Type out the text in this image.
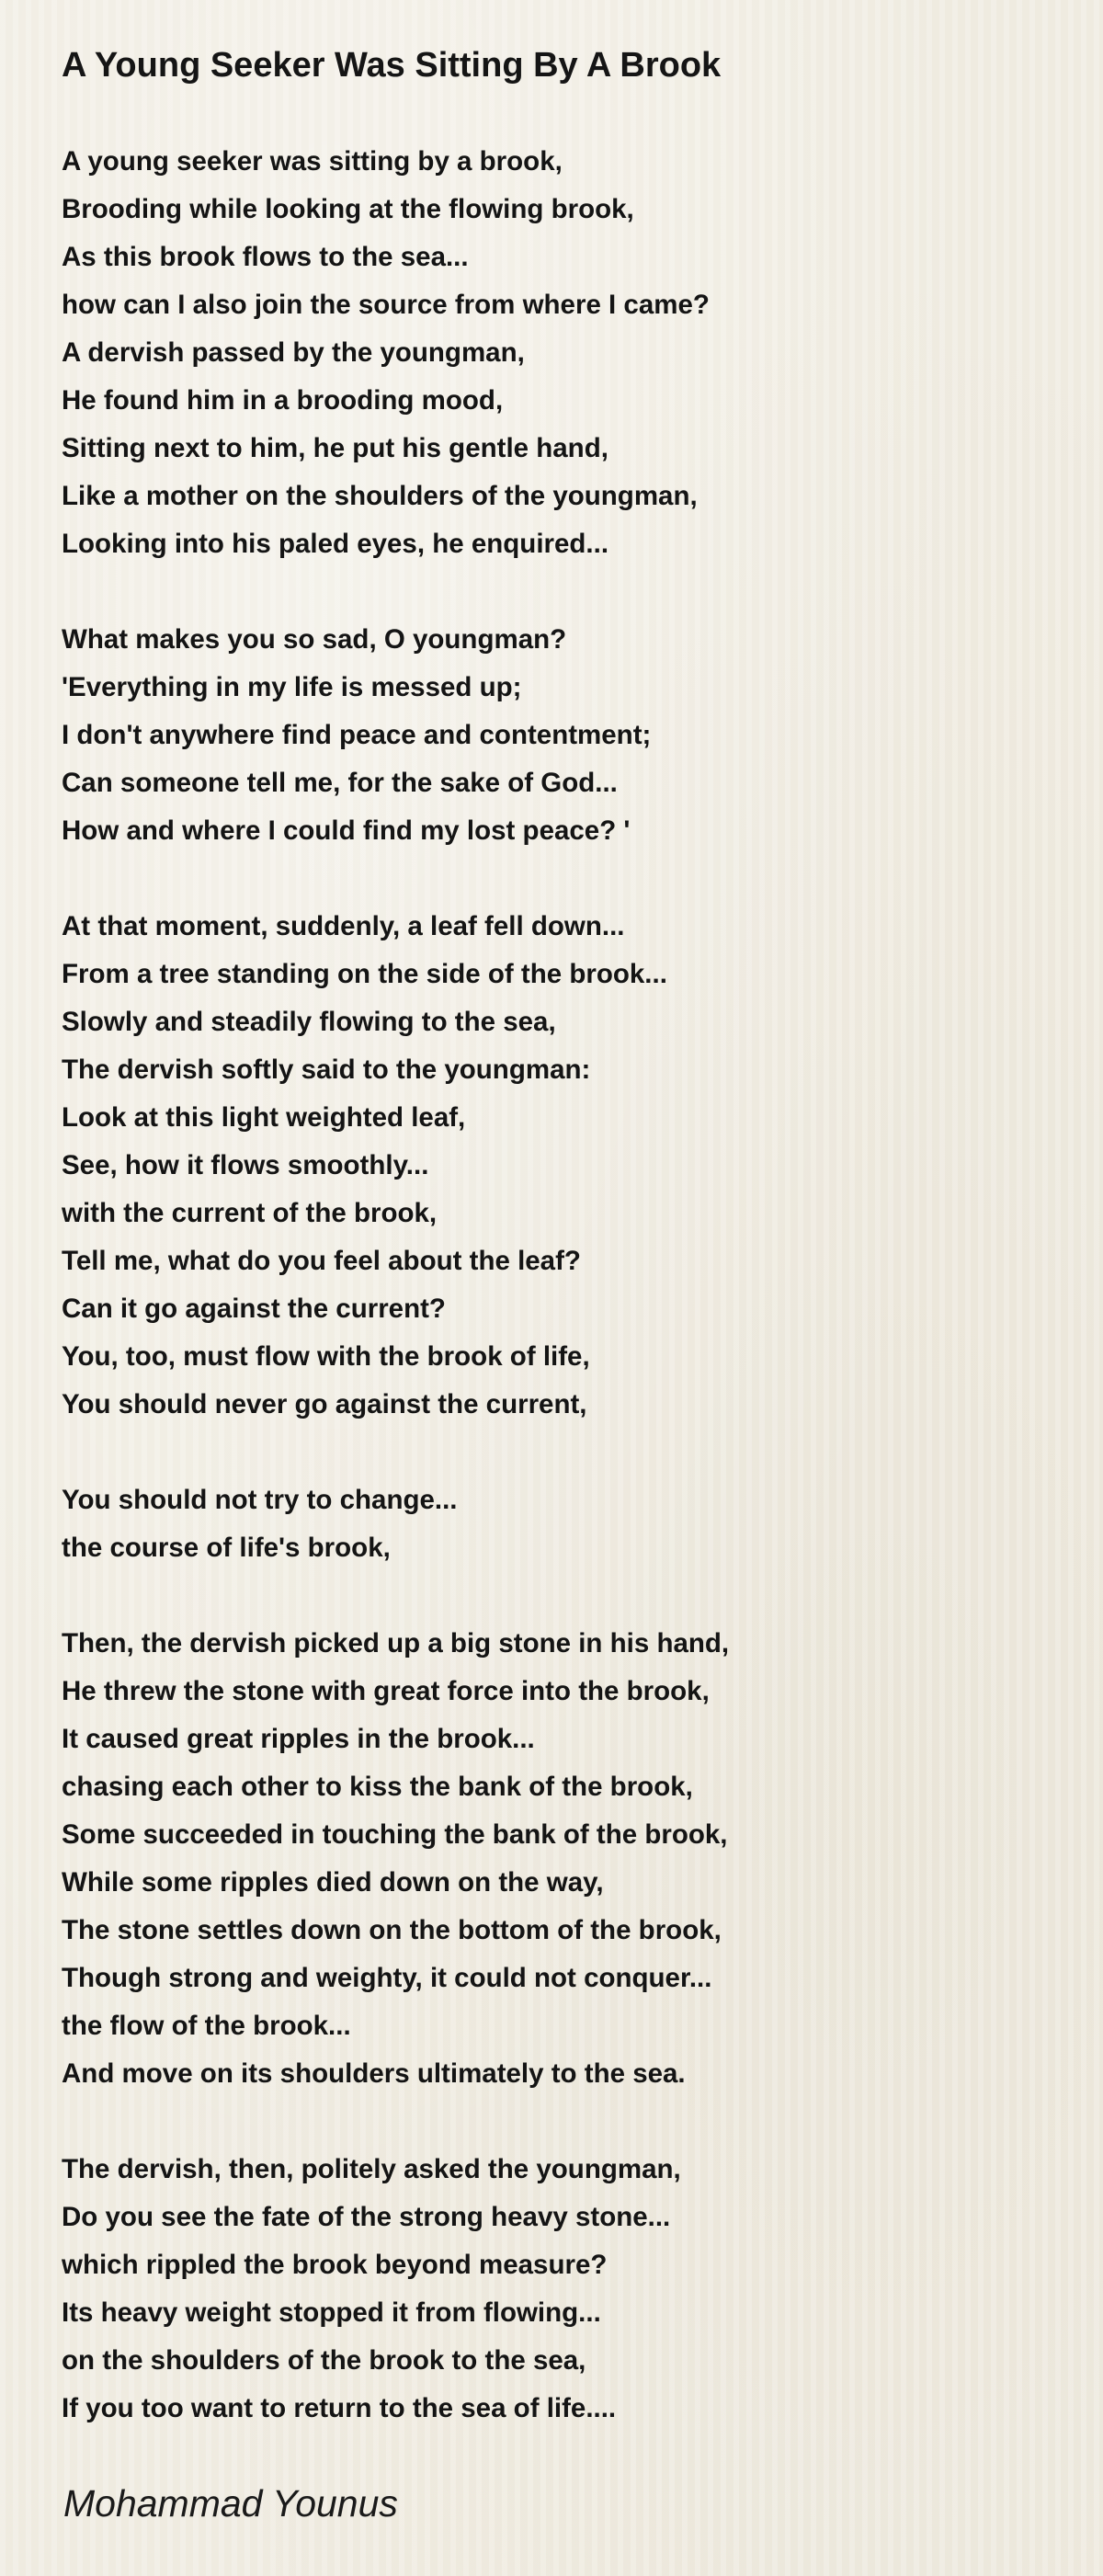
A Young Seeker Was Sitting By A Brook
A young seeker was sitting by a brook,
Brooding while looking at the flowing brook,
As this brook flows to the sea...
how can I also join the source from where I came?
A dervish passed by the youngman,
He found him in a brooding mood,
Sitting next to him, he put his gentle hand,
Like a mother on the shoulders of the youngman,
Looking into his paled eyes, he enquired...
What makes you so sad, O youngman?
'Everything in my life is messed up;
I don't anywhere find peace and contentment;
Can someone tell me, for the sake of God...
How and where I could find my lost peace? '
At that moment, suddenly, a leaf fell down...
From a tree standing on the side of the brook...
Slowly and steadily flowing to the sea,
The dervish softly said to the youngman:
Look at this light weighted leaf,
See, how it flows smoothly...
with the current of the brook,
Tell me, what do you feel about the leaf?
Can it go against the current?
You, too, must flow with the brook of life,
You should never go against the current,
You should not try to change...
the course of life's brook,
Then, the dervish picked up a big stone in his hand,
He threw the stone with great force into the brook,
It caused great ripples in the brook...
chasing each other to kiss the bank of the brook,
Some succeeded in touching the bank of the brook,
While some ripples died down on the way,
The stone settles down on the bottom of the brook,
Though strong and weighty, it could not conquer...
the flow of the brook...
And move on its shoulders ultimately to the sea.
The dervish, then, politely asked the youngman,
Do you see the fate of the strong heavy stone...
which rippled the brook beyond measure?
Its heavy weight stopped it from flowing...
on the shoulders of the brook to the sea,
If you too want to return to the sea of life....
Mohammad Younus
